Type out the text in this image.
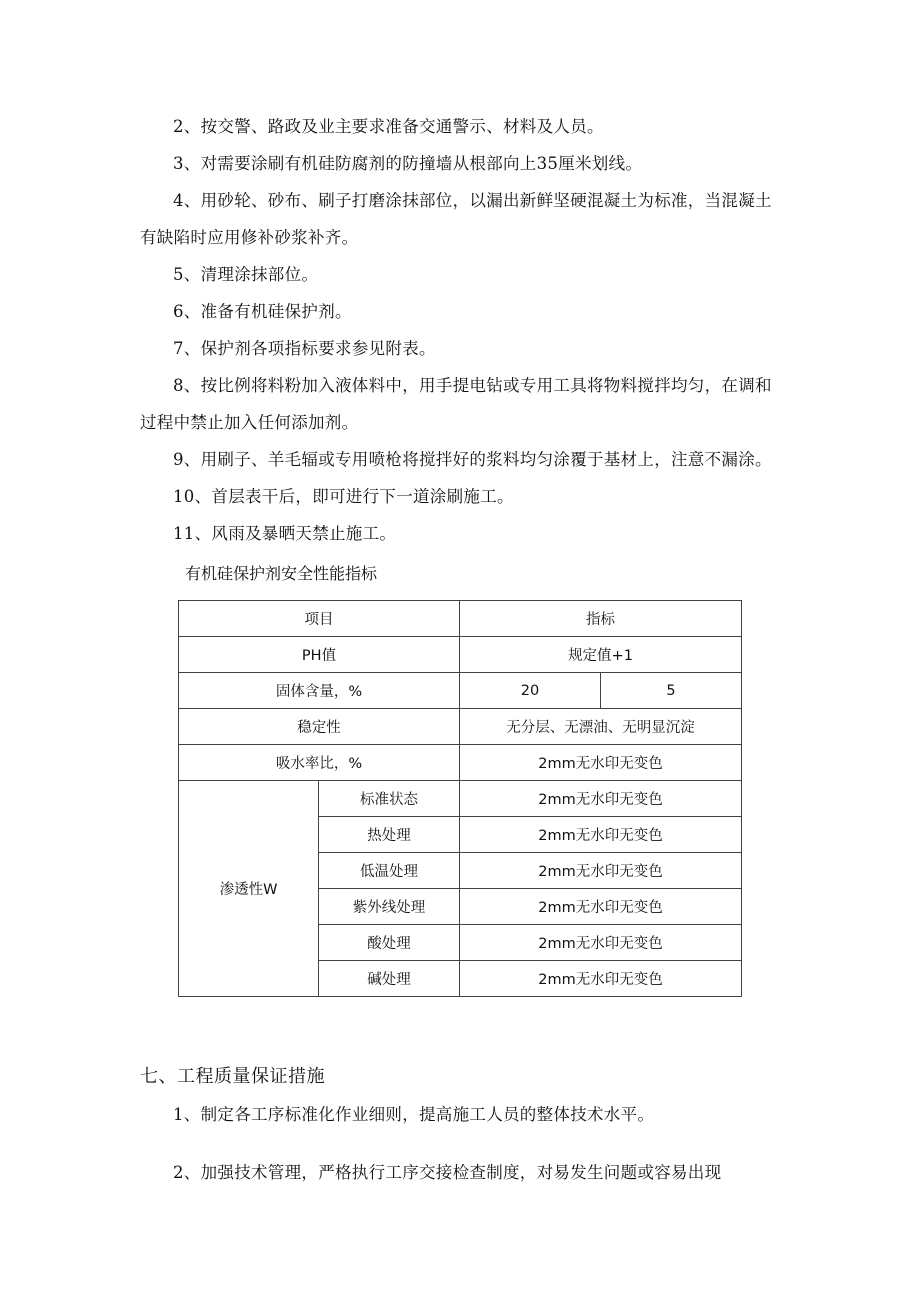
2、按交警、路政及业主要求准备交通警示、材料及人员。

3、对需要涂刷有机硅防腐剂的防撞墙从根部向上35厘米划线。

4、用砂轮、砂布、刷子打磨涂抹部位，以漏出新鲜坚硬混凝土为标准，当混凝土有缺陷时应用修补砂浆补齐。

5、清理涂抹部位。

6、准备有机硅保护剂。

7、保护剂各项指标要求参见附表。

8、按比例将料粉加入液体料中，用手提电钻或专用工具将物料搅拌均匀，在调和过程中禁止加入任何添加剂。

9、用刷子、羊毛辐或专用喷枪将搅拌好的浆料均匀涂覆于基材上，注意不漏涂。

10、首层表干后，即可进行下一道涂刷施工。

11、风雨及暴晒天禁止施工。

有机硅保护剂安全性能指标

项目		指标	
PH值		规定值+1	
固体含量，%		20	5
稳定性		无分层、无漂油、无明显沉淀	
吸水率比，%		2mm无水印无变色	
渗透性W	标准状态	2mm无水印无变色	
	热处理	2mm无水印无变色	
	低温处理	2mm无水印无变色	
	紫外线处理	2mm无水印无变色	
	酸处理	2mm无水印无变色	
	碱处理	2mm无水印无变色	

七、工程质量保证措施

1、制定各工序标准化作业细则，提高施工人员的整体技术水平。

2、加强技术管理，严格执行工序交接检查制度，对易发生问题或容易出现
